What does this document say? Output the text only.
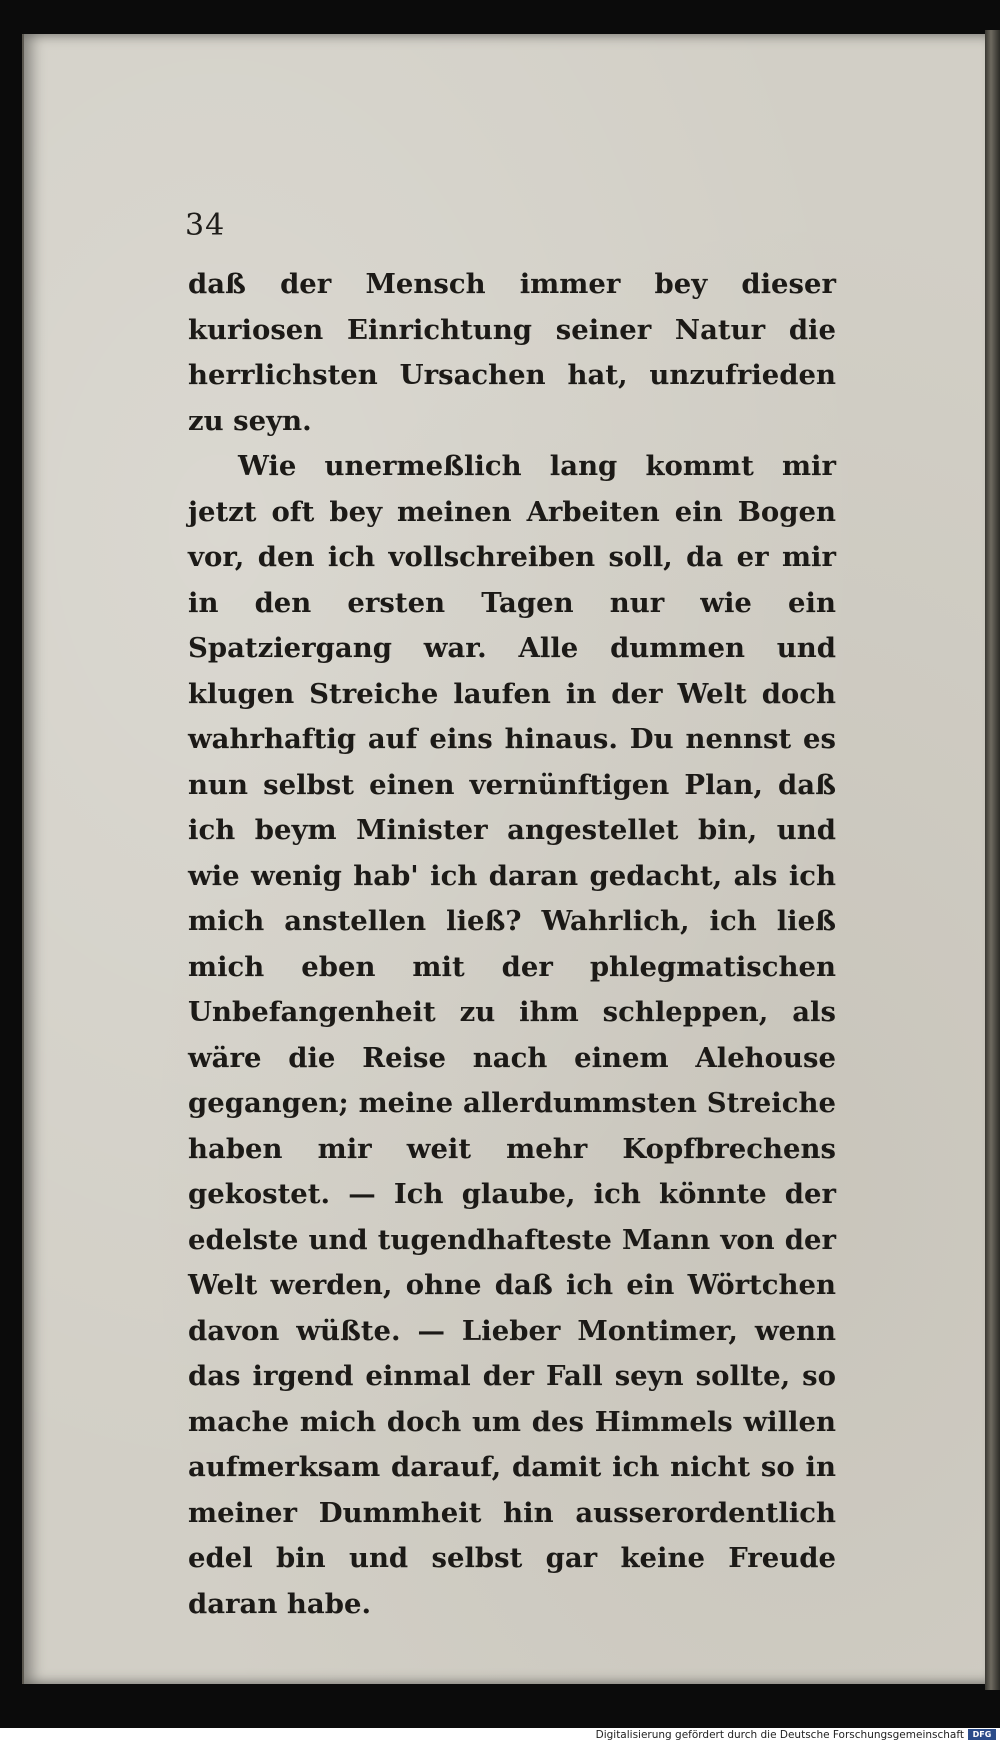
34

daß der Mensch immer bey dieser kuriosen Einrichtung seiner Natur die herrlichsten Ursachen hat, unzufrieden zu seyn.

Wie unermeßlich lang kommt mir jetzt oft bey meinen Arbeiten ein Bogen vor, den ich vollschreiben soll, da er mir in den ersten Tagen nur wie ein Spatziergang war. Alle dummen und klugen Streiche laufen in der Welt doch wahrhaftig auf eins hinaus. Du nennst es nun selbst einen vernünftigen Plan, daß ich beym Minister angestellet bin, und wie wenig hab' ich daran gedacht, als ich mich anstellen ließ? Wahrlich, ich ließ mich eben mit der phlegmatischen Unbefangenheit zu ihm schleppen, als wäre die Reise nach einem Alehouse gegangen; meine allerdummsten Streiche haben mir weit mehr Kopfbrechens gekostet. — Ich glaube, ich könnte der edelste und tugendhafteste Mann von der Welt werden, ohne daß ich ein Wörtchen davon wüßte. — Lieber Montimer, wenn das irgend einmal der Fall seyn sollte, so mache mich doch um des Himmels willen aufmerksam darauf, damit ich nicht so in meiner Dummheit hin ausserordentlich edel bin und selbst gar keine Freude daran habe.

Digitalisierung gefördert durch die Deutsche Forschungsgemeinschaft	DFG
